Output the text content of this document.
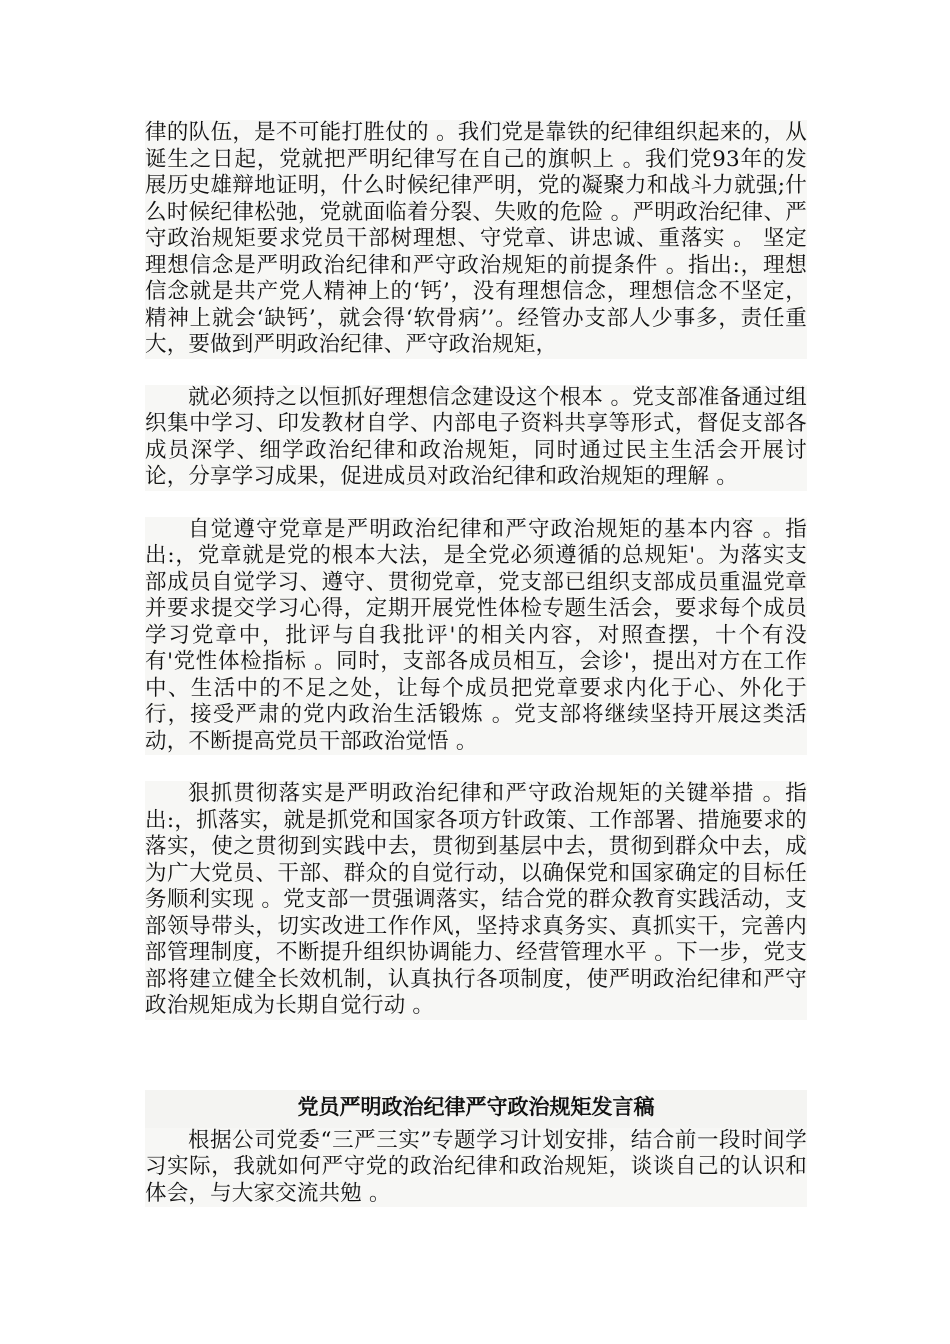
律的队伍，是不可能打胜仗的 。我们党是靠铁的纪律组织起来的，从诞生之日起，党就把严明纪律写在自己的旗帜上 。我们党93年的发展历史雄辩地证明，什么时候纪律严明，党的凝聚力和战斗力就强;什么时候纪律松弛，党就面临着分裂、失败的危险 。严明政治纪律、严守政治规矩要求党员干部树理想、守党章、讲忠诚、重落实 。 坚定理想信念是严明政治纪律和严守政治规矩的前提条件 。指出:，理想信念就是共产党人精神上的‘钙’，没有理想信念，理想信念不坚定，精神上就会‘缺钙’，就会得‘软骨病’’。经管办支部人少事多，责任重大，要做到严明政治纪律、严守政治规矩，

就必须持之以恒抓好理想信念建设这个根本 。党支部准备通过组织集中学习、印发教材自学、内部电子资料共享等形式，督促支部各成员深学、细学政治纪律和政治规矩，同时通过民主生活会开展讨论，分享学习成果，促进成员对政治纪律和政治规矩的理解 。

自觉遵守党章是严明政治纪律和严守政治规矩的基本内容 。指出:，党章就是党的根本大法，是全党必须遵循的总规矩'。为落实支部成员自觉学习、遵守、贯彻党章，党支部已组织支部成员重温党章并要求提交学习心得，定期开展党性体检专题生活会，要求每个成员学习党章中，批评与自我批评'的相关内容，对照查摆，十个有没有'党性体检指标 。同时，支部各成员相互，会诊'，提出对方在工作中、生活中的不足之处，让每个成员把党章要求内化于心、外化于行，接受严肃的党内政治生活锻炼 。党支部将继续坚持开展这类活动，不断提高党员干部政治觉悟 。

狠抓贯彻落实是严明政治纪律和严守政治规矩的关键举措 。指出:，抓落实，就是抓党和国家各项方针政策、工作部署、措施要求的落实，使之贯彻到实践中去，贯彻到基层中去，贯彻到群众中去，成为广大党员、干部、群众的自觉行动，以确保党和国家确定的目标任务顺利实现 。党支部一贯强调落实，结合党的群众教育实践活动，支部领导带头，切实改进工作作风，坚持求真务实、真抓实干，完善内部管理制度，不断提升组织协调能力、经营管理水平 。下一步，党支部将建立健全长效机制，认真执行各项制度，使严明政治纪律和严守政治规矩成为长期自觉行动 。

党员严明政治纪律严守政治规矩发言稿

根据公司党委“三严三实”专题学习计划安排，结合前一段时间学习实际，我就如何严守党的政治纪律和政治规矩，谈谈自己的认识和体会，与大家交流共勉 。
